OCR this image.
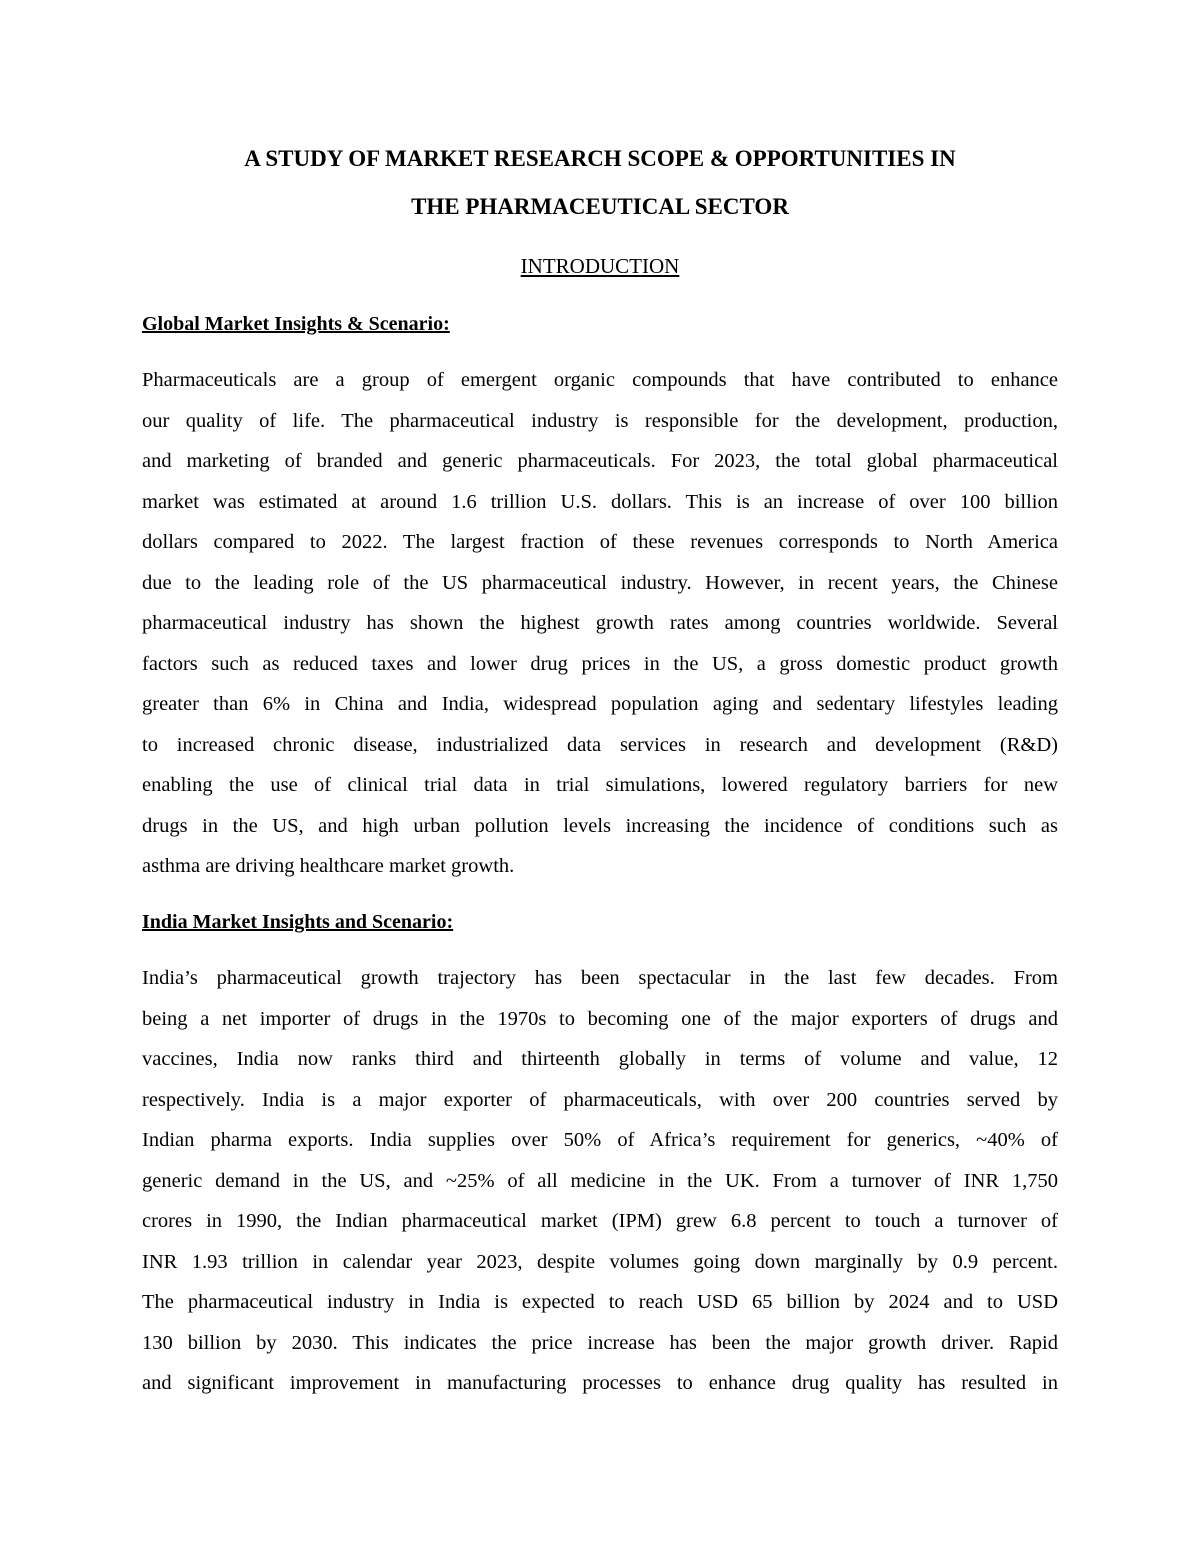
A STUDY OF MARKET RESEARCH SCOPE & OPPORTUNITIES IN
THE PHARMACEUTICAL SECTOR
INTRODUCTION
Global Market Insights & Scenario:
Pharmaceuticals are a group of emergent organic compounds that have contributed to enhance
our quality of life. The pharmaceutical industry is responsible for the development, production,
and marketing of branded and generic pharmaceuticals. For 2023, the total global pharmaceutical
market was estimated at around 1.6 trillion U.S. dollars. This is an increase of over 100 billion
dollars compared to 2022. The largest fraction of these revenues corresponds to North America
due to the leading role of the US pharmaceutical industry. However, in recent years, the Chinese
pharmaceutical industry has shown the highest growth rates among countries worldwide. Several
factors such as reduced taxes and lower drug prices in the US, a gross domestic product growth
greater than 6% in China and India, widespread population aging and sedentary lifestyles leading
to increased chronic disease, industrialized data services in research and development (R&D)
enabling the use of clinical trial data in trial simulations, lowered regulatory barriers for new
drugs in the US, and high urban pollution levels increasing the incidence of conditions such as
asthma are driving healthcare market growth.
India Market Insights and Scenario:
India’s pharmaceutical growth trajectory has been spectacular in the last few decades. From
being a net importer of drugs in the 1970s to becoming one of the major exporters of drugs and
vaccines, India now ranks third and thirteenth globally in terms of volume and value, 12
respectively. India is a major exporter of pharmaceuticals, with over 200 countries served by
Indian pharma exports. India supplies over 50% of Africa’s requirement for generics, ~40% of
generic demand in the US, and ~25% of all medicine in the UK. From a turnover of INR 1,750
crores in 1990, the Indian pharmaceutical market (IPM) grew 6.8 percent to touch a turnover of
INR 1.93 trillion in calendar year 2023, despite volumes going down marginally by 0.9 percent.
The pharmaceutical industry in India is expected to reach USD 65 billion by 2024 and to USD
130 billion by 2030. This indicates the price increase has been the major growth driver. Rapid
and significant improvement in manufacturing processes to enhance drug quality has resulted in
